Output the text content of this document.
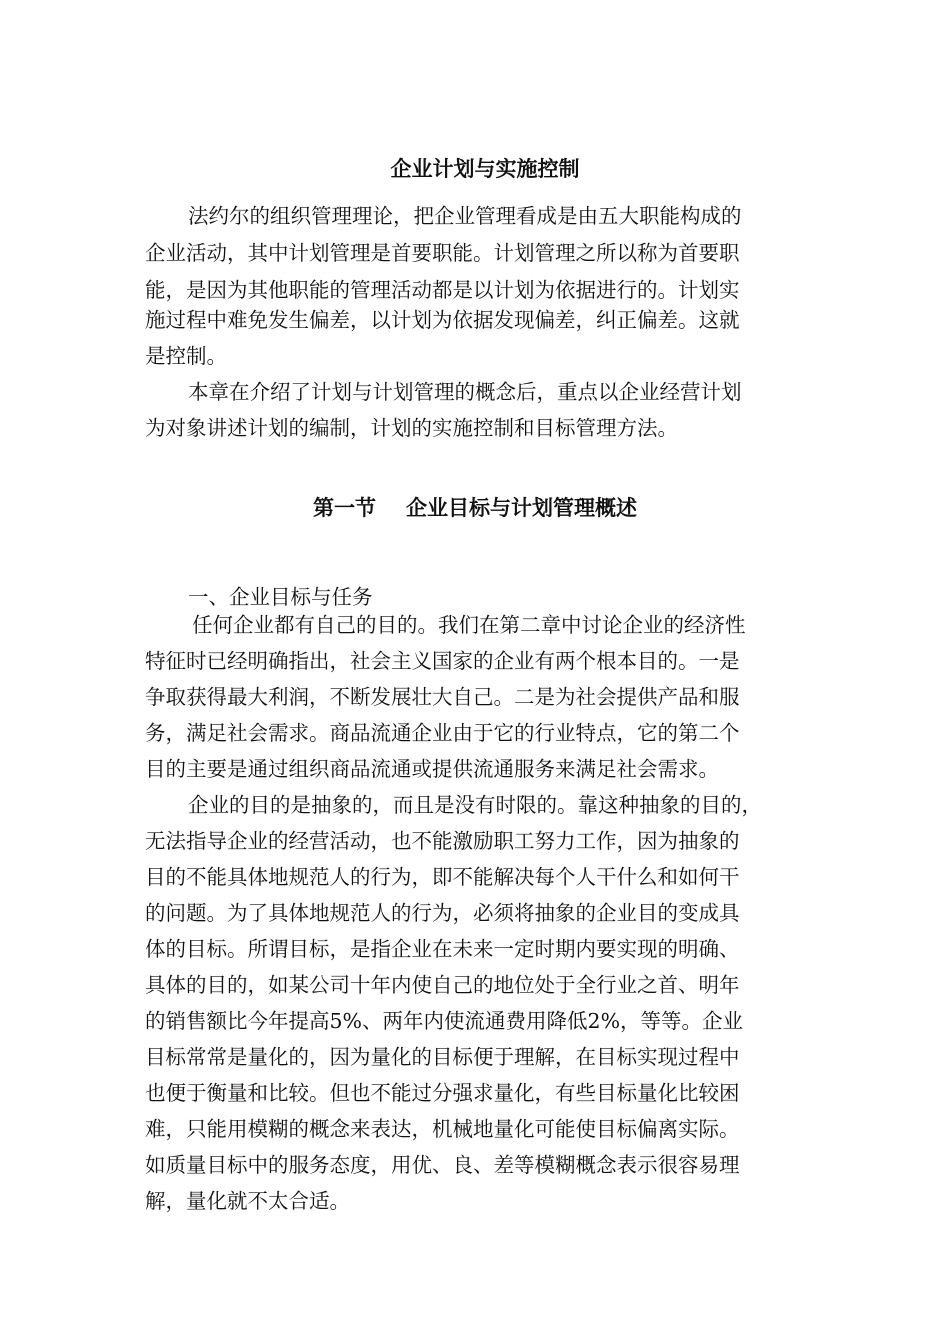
企业计划与实施控制
法约尔的组织管理理论，把企业管理看成是由五大职能构成的
企业活动，其中计划管理是首要职能。计划管理之所以称为首要职
能，是因为其他职能的管理活动都是以计划为依据进行的。计划实
施过程中难免发生偏差，以计划为依据发现偏差，纠正偏差。这就
是控制。
本章在介绍了计划与计划管理的概念后，重点以企业经营计划
为对象讲述计划的编制，计划的实施控制和目标管理方法。
第一节 企业目标与计划管理概述
一、企业目标与任务
任何企业都有自己的目的。我们在第二章中讨论企业的经济性
特征时已经明确指出，社会主义国家的企业有两个根本目的。一是
争取获得最大利润，不断发展壮大自己。二是为社会提供产品和服
务，满足社会需求。商品流通企业由于它的行业特点，它的第二个
目的主要是通过组织商品流通或提供流通服务来满足社会需求。
企业的目的是抽象的，而且是没有时限的。靠这种抽象的目的，
无法指导企业的经营活动，也不能激励职工努力工作，因为抽象的
目的不能具体地规范人的行为，即不能解决每个人干什么和如何干
的问题。为了具体地规范人的行为，必须将抽象的企业目的变成具
体的目标。所谓目标，是指企业在未来一定时期内要实现的明确、
具体的目的，如某公司十年内使自己的地位处于全行业之首、明年
的销售额比今年提高5%、两年内使流通费用降低2%，等等。企业
目标常常是量化的，因为量化的目标便于理解，在目标实现过程中
也便于衡量和比较。但也不能过分强求量化，有些目标量化比较困
难，只能用模糊的概念来表达，机械地量化可能使目标偏离实际。
如质量目标中的服务态度，用优、良、差等模糊概念表示很容易理
解，量化就不太合适。
